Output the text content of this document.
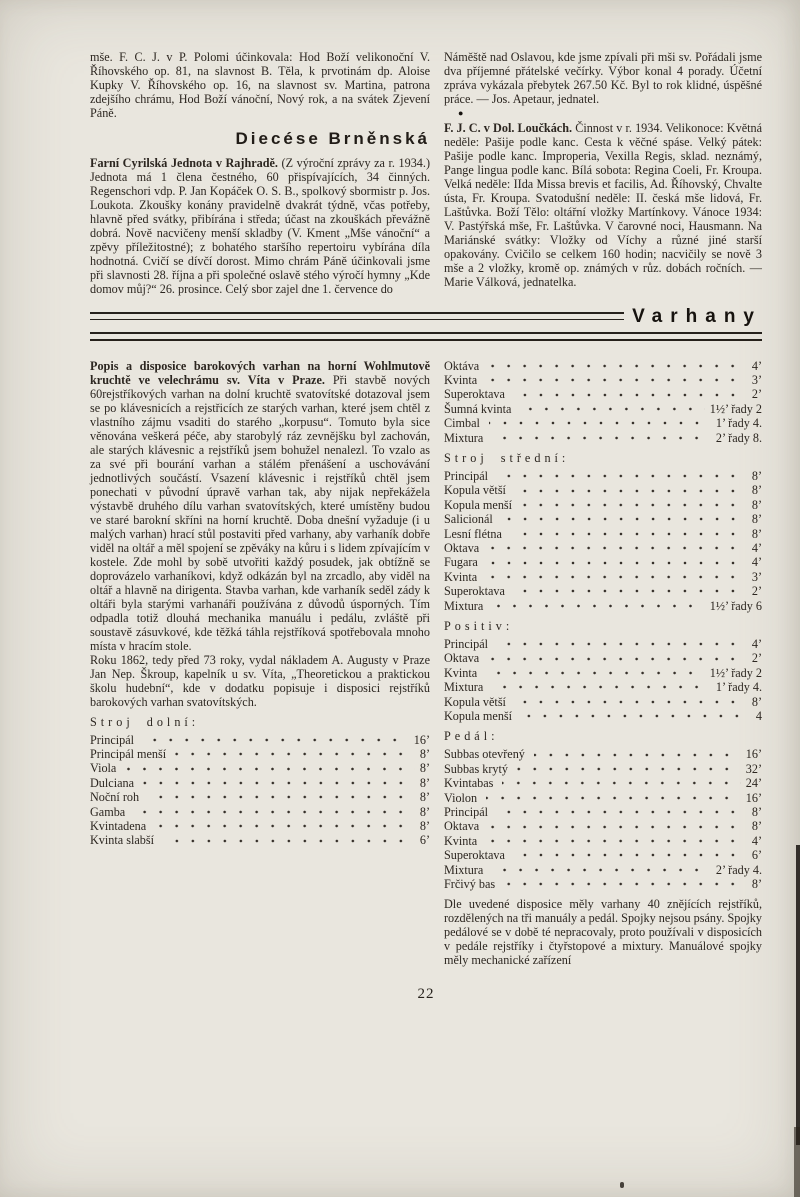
mše. F. C. J. v P. Polomi účinkovala: Hod Boží velikonoční V. Říhovského op. 81, na slavnost B. Těla, k prvotinám dp. Aloise Kupky V. Říhovského op. 16, na slavnost sv. Martina, patrona zdejšího chrámu, Hod Boží vánoční, Nový rok, a na svátek Zjevení Páně.

Diecése Brněnská

Farní Cyrilská Jednota v Rajhradě. (Z výroční zprávy za r. 1934.) Jednota má 1 člena čestného, 60 přispívajících, 34 činných. Regenschori vdp. P. Jan Kopáček O. S. B., spolkový sbormistr p. Jos. Loukota. Zkoušky konány pravidelně dvakrát týdně, včas potřeby, hlavně před svátky, přibírána i středa; účast na zkouškách převážně dobrá. Nově nacvičeny menší skladby (V. Kment „Mše vánoční“ a zpěvy příležitostné); z bohatého staršího repertoiru vybírána díla hodnotná. Cvičí se dívčí dorost. Mimo chrám Páně účinkovali jsme při slavnosti 28. října a při společné oslavě stého výročí hymny „Kde domov můj?“ 26. prosince. Celý sbor zajel dne 1. července do

Náměště nad Oslavou, kde jsme zpívali při mši sv. Pořádali jsme dva příjemné přátelské večírky. Výbor konal 4 porady. Účetní zpráva vykázala přebytek 267.50 Kč. Byl to rok klidné, úspěšné práce. — Jos. Apetaur, jednatel.

●

F. J. C. v Dol. Loučkách. Činnost v r. 1934. Velikonoce: Květná neděle: Pašije podle kanc. Cesta k věčné spáse. Velký pátek: Pašije podle kanc. Improperia, Vexilla Regis, sklad. neznámý, Pange lingua podle kanc. Bílá sobota: Regina Coeli, Fr. Kroupa. Velká neděle: IIda Missa brevis et facilis, Ad. Říhovský, Chvalte ústa, Fr. Kroupa. Svatodušní neděle: II. česká mše lidová, Fr. Laštůvka. Boží Tělo: oltářní vložky Martínkovy. Vánoce 1934: V. Pastýřská mše, Fr. Laštůvka. V čarovné noci, Hausmann. Na Mariánské svátky: Vložky od Víchy a různé jiné starší opakovány. Cvičilo se celkem 160 hodin; nacvičily se nově 3 mše a 2 vložky, kromě op. známých v růz. dobách ročních. — Marie Válková, jednatelka.

Varhany

Popis a disposice barokových varhan na horní Wohlmutově kruchtě ve velechrámu sv. Víta v Praze. Při stavbě nových 60rejstříkových varhan na dolní kruchtě svatovítské dotazoval jsem se po klávesnicích a rejstřicích ze starých varhan, které jsem chtěl z vlastního zájmu vsaditi do starého „korpusu“. Tomuto byla sice věnována veškerá péče, aby starobylý ráz zevnějšku byl zachován, ale starých klávesnic a rejstříků jsem bohužel nenalezl. To vzalo as za své při bourání varhan a stálém přenášení a uschovávání jednotlivých součástí. Vsazení klávesnic i rejstříků chtěl jsem ponechati v původní úpravě varhan tak, aby nijak nepřekážela výstavbě druhého dílu varhan svatovítských, které umístěny budou ve staré barokní skříni na horní kruchtě. Doba dnešní vyžaduje (i u malých varhan) hrací stůl postaviti před varhany, aby varhaník dobře viděl na oltář a měl spojení se zpěváky na kůru i s lidem zpívajícím v kostele. Zde mohl by sobě utvořiti každý posudek, jak obtížně se doprovázelo varhaníkovi, když odkázán byl na zrcadlo, aby viděl na oltář a hlavně na dirigenta. Stavba varhan, kde varhaník seděl zády k oltáři byla starými varhanáři používána z důvodů úsporných. Tím odpadla totiž dlouhá mechanika manuálu i pedálu, zvláště při soustavě zásuvkové, kde těžká táhla rejstříková spotřebovala mnoho místa v hracím stole.

Roku 1862, tedy před 73 roky, vydal nákladem A. Augusty v Praze Jan Nep. Škroup, kapelník u sv. Víta, „Theoretickou a praktickou školu hudební“, kde v dodatku popisuje i disposici rejstříků barokových varhan svatovítských.

Stroj dolní:
Principál	16’
Principál menší	8’
Viola	8’
Dulciana	8’
Noční roh	8’
Gamba	8’
Kvintadena	8’
Kvinta slabší	6’
Oktáva	4’
Kvinta	3’
Superoktava	2’
Šumná kvinta	1½’ řady 2
Cimbal	1’ řady 4.
Mixtura	2’ řady 8.
Stroj střední:
Principál	8’
Kopula větší	8’
Kopula menší	8’
Salicionál	8’
Lesní flétna	8’
Oktava	4’
Fugara	4’
Kvinta	3’
Superoktava	2’
Mixtura	1½’ řady 6
Positiv:
Principál	4’
Oktava	2’
Kvinta	1½’ řady 2
Mixtura	1’ řady 4.
Kopula větší	8’
Kopula menší	4
Pedál:
Subbas otevřený	16’
Subbas krytý	32’
Kvintabas	24’
Violon	16’
Principál	8’
Oktava	8’
Kvinta	4’
Superoktava	6’
Mixtura	2’ řady 4.
Frčivý bas	8’

Dle uvedené disposice měly varhany 40 znějících rejstříků, rozdělených na tři manuály a pedál. Spojky nejsou psány. Spojky pedálové se v době té nepracovaly, proto používali v disposicích v pedále rejstříky i čtyřstopové a mixtury. Manuálové spojky měly mechanické zařízení

22
